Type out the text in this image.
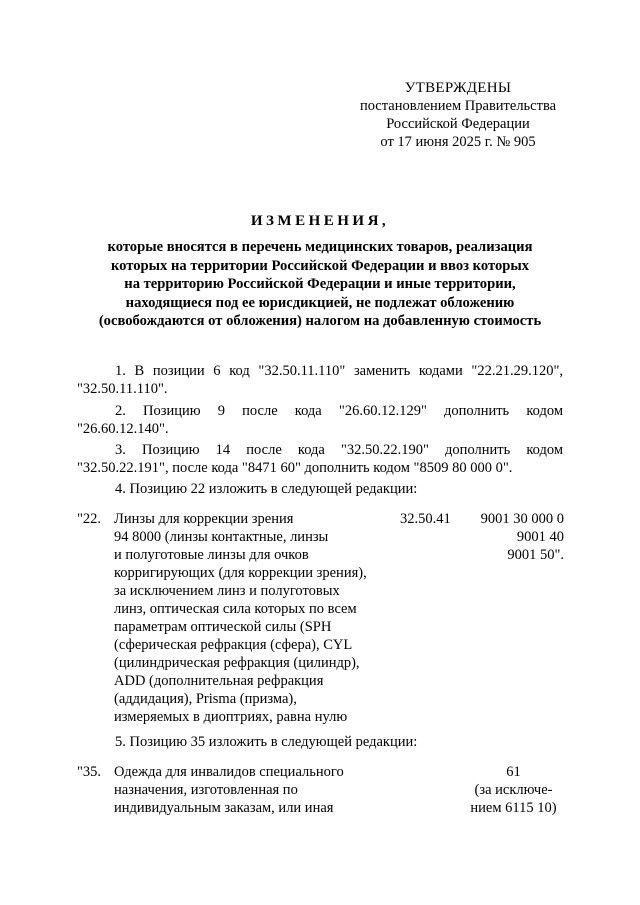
УТВЕРЖДЕНЫ
постановлением Правительства
Российской Федерации
от 17 июня 2025 г. № 905
ИЗМЕНЕНИЯ,
которые вносятся в перечень медицинских товаров, реализация
которых на территории Российской Федерации и ввоз которых
на территорию Российской Федерации и иные территории,
находящиеся под ее юрисдикцией, не подлежат обложению
(освобождаются от обложения) налогом на добавленную стоимость
1. В позиции 6 код "32.50.11.110" заменить кодами "22.21.29.120",
"32.50.11.110".
2. Позицию 9 после кода "26.60.12.129" дополнить кодом
"26.60.12.140".
3. Позицию 14 после кода "32.50.22.190" дополнить кодом
"32.50.22.191", после кода "8471 60" дополнить кодом "8509 80 000 0".
4. Позицию 22 изложить в следующей редакции:
"22. Линзы для коррекции зрения
94 8000 (линзы контактные, линзы
и полуготовые линзы для очков
корригирующих (для коррекции зрения),
за исключением линз и полуготовых
линз, оптическая сила которых по всем
параметрам оптической силы (SPH
(сферическая рефракция (сфера), CYL
(цилиндрическая рефракция (цилиндр),
ADD (дополнительная рефракция
(аддидация), Prisma (призма),
измеряемых в диоптриях, равна нулю
32.50.41	9001 30 000 0
9001 40
9001 50".
5. Позицию 35 изложить в следующей редакции:
"35. Одежда для инвалидов специального
назначения, изготовленная по
индивидуальным заказам, или иная
61
(за исключе-
нием 6115 10)
